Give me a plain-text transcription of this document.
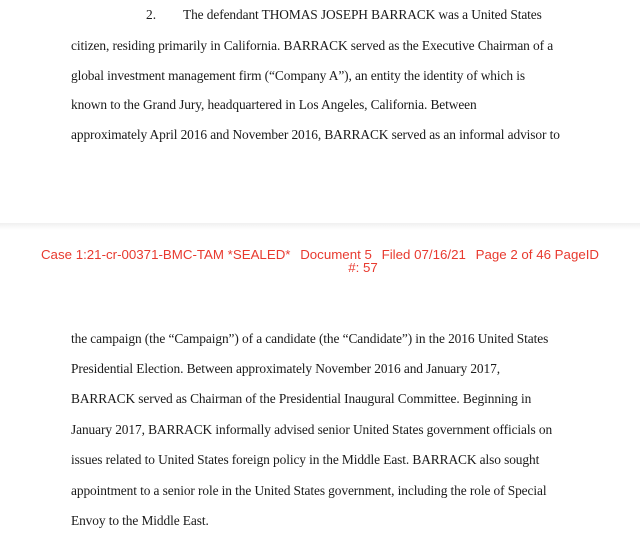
2. The defendant THOMAS JOSEPH BARRACK was a United States
citizen, residing primarily in California. BARRACK served as the Executive Chairman of a
global investment management firm (“Company A”), an entity the identity of which is
known to the Grand Jury, headquartered in Los Angeles, California. Between
approximately April 2016 and November 2016, BARRACK served as an informal advisor to
Case 1:21-cr-00371-BMC-TAM *SEALED* Document 5 Filed 07/16/21 Page 2 of 46 PageID
#: 57
the campaign (the “Campaign”) of a candidate (the “Candidate”) in the 2016 United States
Presidential Election. Between approximately November 2016 and January 2017,
BARRACK served as Chairman of the Presidential Inaugural Committee. Beginning in
January 2017, BARRACK informally advised senior United States government officials on
issues related to United States foreign policy in the Middle East. BARRACK also sought
appointment to a senior role in the United States government, including the role of Special
Envoy to the Middle East.
